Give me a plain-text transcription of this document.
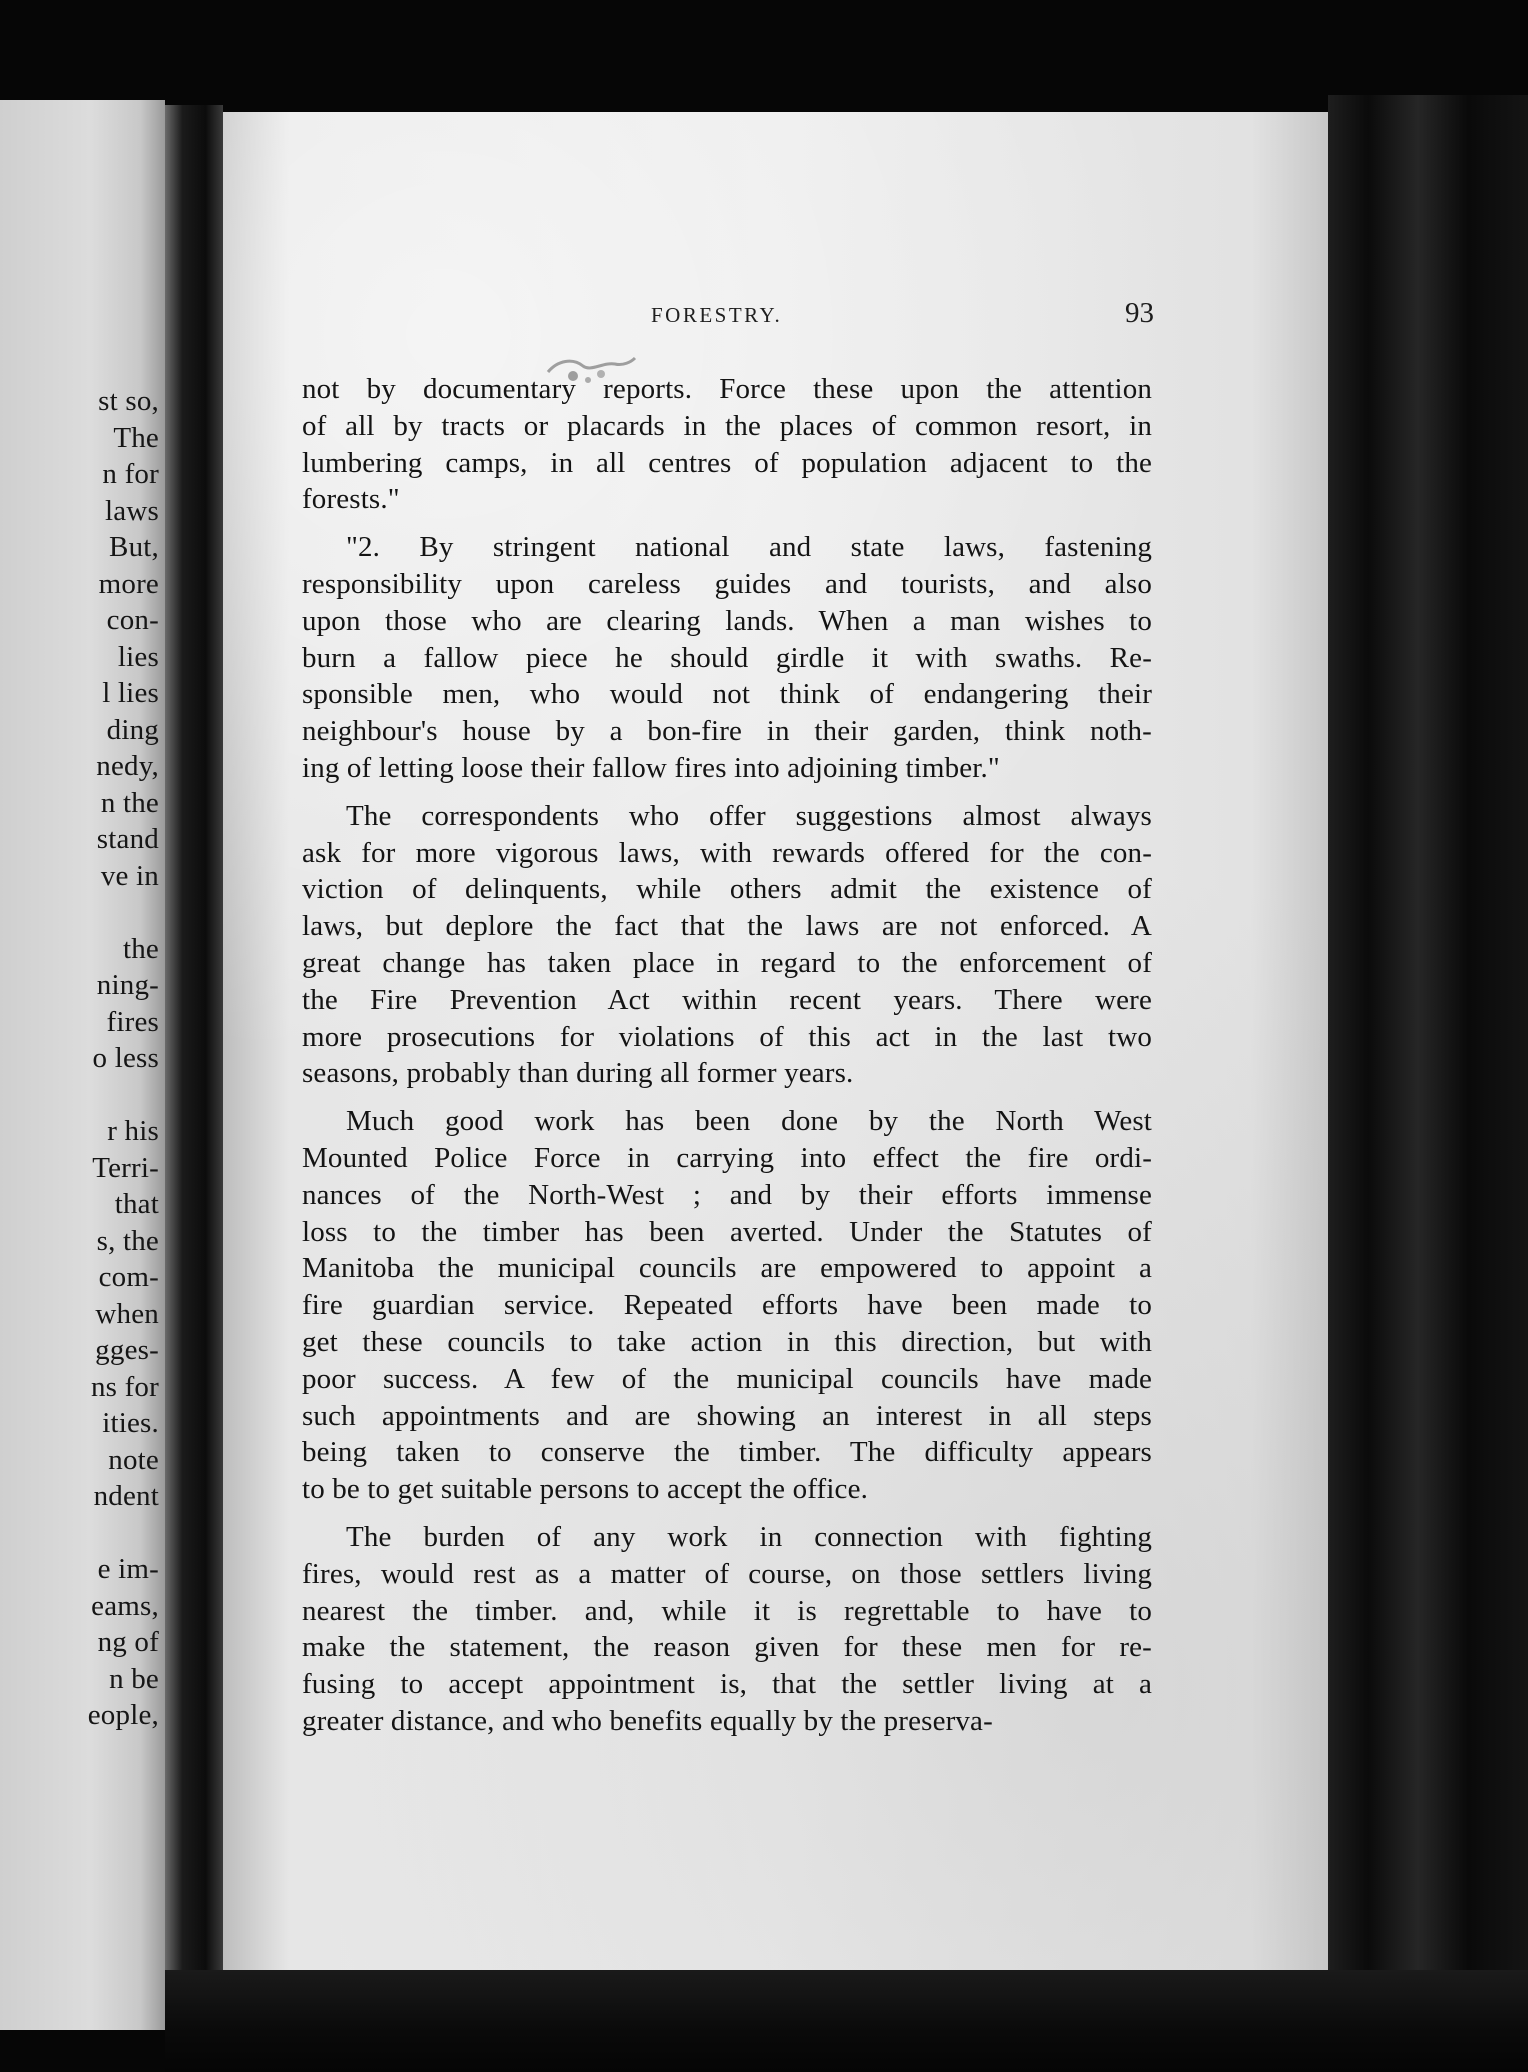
st so,
The
n for
laws
But,
more
con-
lies
l lies
ding
nedy,
n the
stand
ve in
the
ning-
fires
o less
r his
Terri-
that
s, the
com-
when
gges-
ns for
ities.
note
ndent
e im-
eams,
ng of
n be
eople,
FORESTRY.	93
not by documentary reports. Force these upon the attention
of all by tracts or placards in the places of common resort, in
lumbering camps, in all centres of population adjacent to the
forests."
"2. By stringent national and state laws, fastening
responsibility upon careless guides and tourists, and also
upon those who are clearing lands. When a man wishes to
burn a fallow piece he should girdle it with swaths. Re-
sponsible men, who would not think of endangering their
neighbour's house by a bon-fire in their garden, think noth-
ing of letting loose their fallow fires into adjoining timber."
The correspondents who offer suggestions almost always
ask for more vigorous laws, with rewards offered for the con-
viction of delinquents, while others admit the existence of
laws, but deplore the fact that the laws are not enforced. A
great change has taken place in regard to the enforcement of
the Fire Prevention Act within recent years. There were
more prosecutions for violations of this act in the last two
seasons, probably than during all former years.
Much good work has been done by the North West
Mounted Police Force in carrying into effect the fire ordi-
nances of the North-West ; and by their efforts immense
loss to the timber has been averted. Under the Statutes of
Manitoba the municipal councils are empowered to appoint a
fire guardian service. Repeated efforts have been made to
get these councils to take action in this direction, but with
poor success. A few of the municipal councils have made
such appointments and are showing an interest in all steps
being taken to conserve the timber. The difficulty appears
to be to get suitable persons to accept the office.
The burden of any work in connection with fighting
fires, would rest as a matter of course, on those settlers living
nearest the timber. and, while it is regrettable to have to
make the statement, the reason given for these men for re-
fusing to accept appointment is, that the settler living at a
greater distance, and who benefits equally by the preserva-
